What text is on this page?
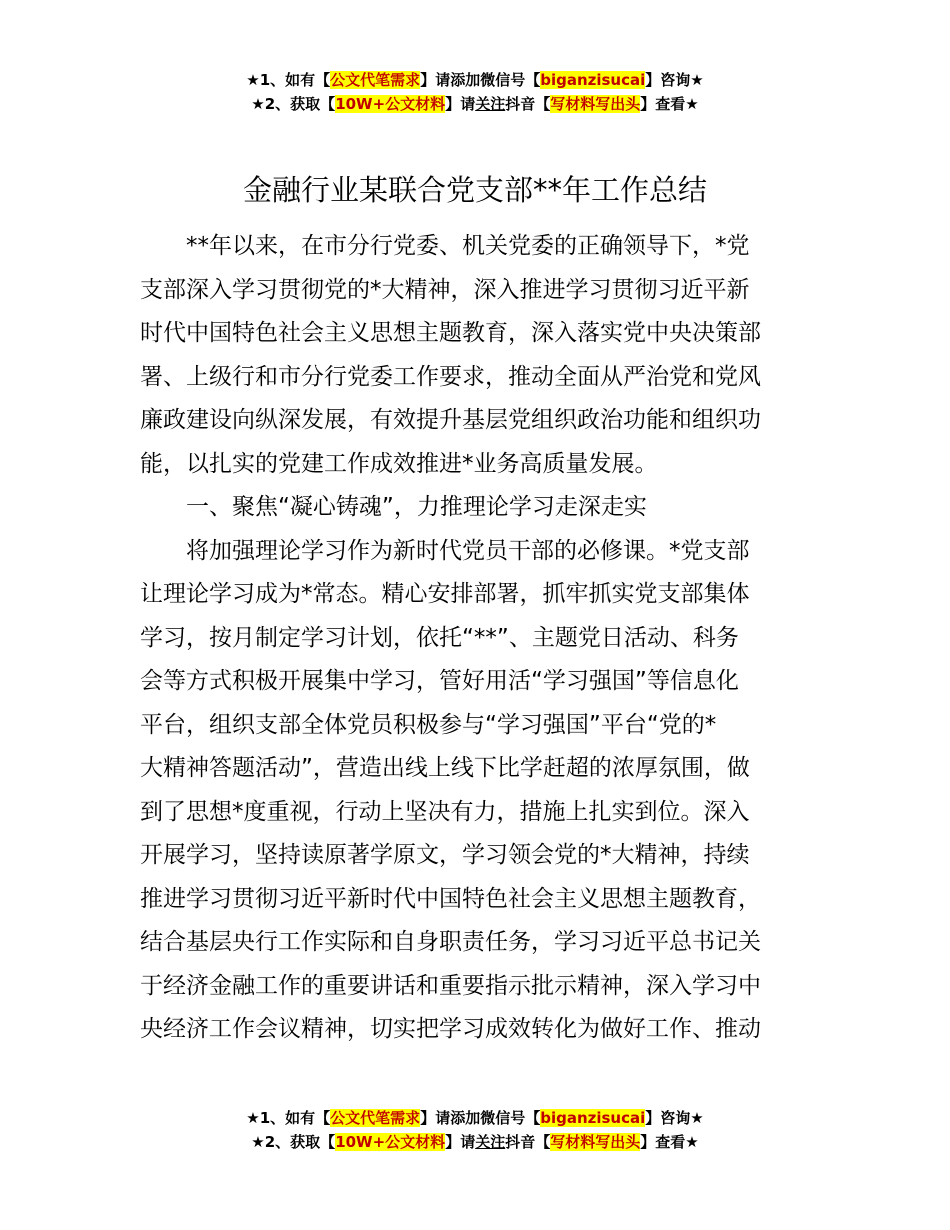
★1、如有【公文代笔需求】请添加微信号【biganzisucai】咨询★
★2、获取【10W+公文材料】请关注抖音【写材料写出头】查看★
金融行业某联合党支部**年工作总结

**年以来，在市分行党委、机关党委的正确领导下，*党
支部深入学习贯彻党的*大精神，深入推进学习贯彻习近平新
时代中国特色社会主义思想主题教育，深入落实党中央决策部
署、上级行和市分行党委工作要求，推动全面从严治党和党风
廉政建设向纵深发展，有效提升基层党组织政治功能和组织功
能，以扎实的党建工作成效推进*业务高质量发展。

一、聚焦“凝心铸魂”，力推理论学习走深走实

将加强理论学习作为新时代党员干部的必修课。*党支部
让理论学习成为*常态。精心安排部署，抓牢抓实党支部集体
学习，按月制定学习计划，依托“**”、主题党日活动、科务
会等方式积极开展集中学习，管好用活“学习强国”等信息化
平台，组织支部全体党员积极参与“学习强国”平台“党的*
大精神答题活动”，营造出线上线下比学赶超的浓厚氛围，做
到了思想*度重视，行动上坚决有力，措施上扎实到位。深入
开展学习，坚持读原著学原文，学习领会党的*大精神，持续
推进学习贯彻习近平新时代中国特色社会主义思想主题教育，
结合基层央行工作实际和自身职责任务，学习习近平总书记关
于经济金融工作的重要讲话和重要指示批示精神，深入学习中
央经济工作会议精神，切实把学习成效转化为做好工作、推动

★1、如有【公文代笔需求】请添加微信号【biganzisucai】咨询★
★2、获取【10W+公文材料】请关注抖音【写材料写出头】查看★
